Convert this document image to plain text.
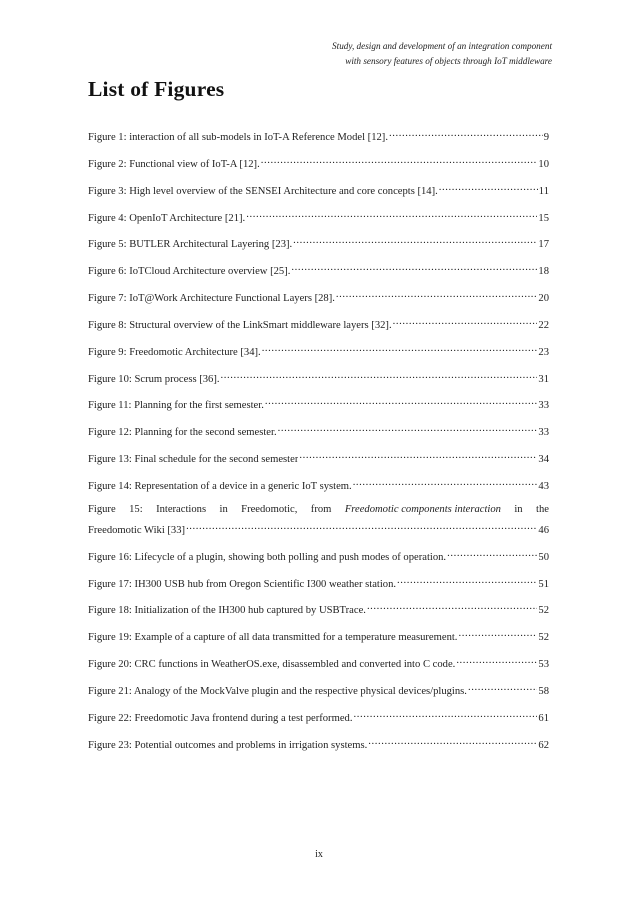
Study, design and development of an integration component
with sensory features of objects through IoT middleware
List of Figures
Figure 1: interaction of all sub-models in IoT-A Reference Model [12]. .....	9
Figure 2: Functional view of IoT-A [12]. .....	10
Figure 3: High level overview of the SENSEI Architecture and core concepts [14]. .....	11
Figure 4: OpenIoT Architecture [21]. .....	15
Figure 5: BUTLER Architectural Layering [23]. .....	17
Figure 6: IoTCloud Architecture overview [25]. .....	18
Figure 7: IoT@Work Architecture Functional Layers [28]. .....	20
Figure 8: Structural overview of the LinkSmart middleware layers [32]. .....	22
Figure 9: Freedomotic Architecture [34]. .....	23
Figure 10: Scrum process [36]. .....	31
Figure 11: Planning for the first semester. .....	33
Figure 12: Planning for the second semester. .....	33
Figure 13: Final schedule for the second semester .....	34
Figure 14: Representation of a device in a generic IoT system. .....	43
Figure 15: Interactions in Freedomotic, from Freedomotic components interaction in the
Freedomotic Wiki [33] .....	46
Figure 16: Lifecycle of a plugin, showing both polling and push modes of operation. .....	50
Figure 17: IH300 USB hub from Oregon Scientific I300 weather station. .....	51
Figure 18: Initialization of the IH300 hub captured by USBTrace. .....	52
Figure 19: Example of a capture of all data transmitted for a temperature measurement. .....	52
Figure 20: CRC functions in WeatherOS.exe, disassembled and converted into C code. .....	53
Figure 21: Analogy of the MockValve plugin and the respective physical devices/plugins. .....	58
Figure 22: Freedomotic Java frontend during a test performed. .....	61
Figure 23: Potential outcomes and problems in irrigation systems. .....	62
ix
